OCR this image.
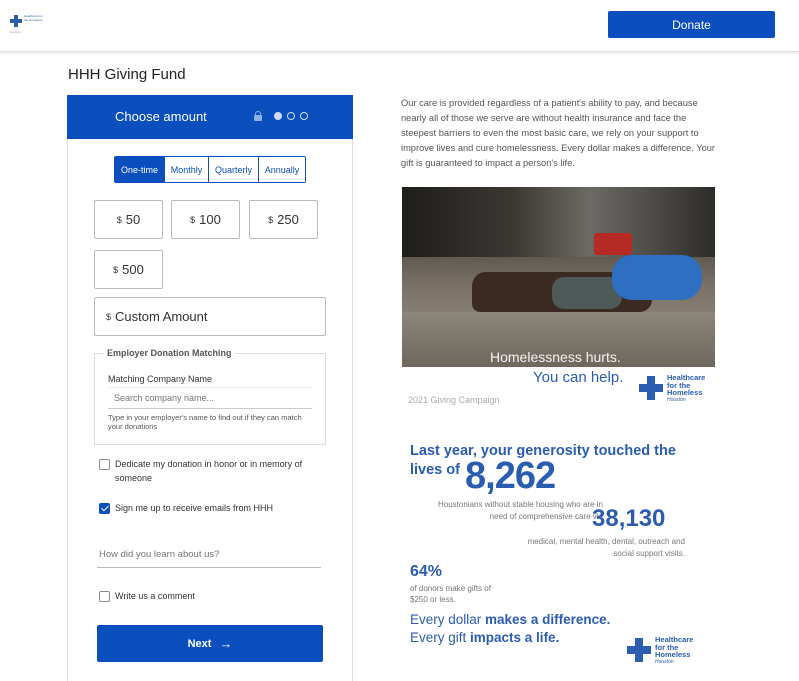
Healthcare for the Homeless
Houston
Donate
HHH Giving Fund
Choose amount
→
One-time	Monthly	Quarterly	Annually
$ 50	$ 100	$ 250
$ 500
$ Custom Amount
Employer Donation Matching
Matching Company Name
Search company name...
Type in your employer's name to find out if they can match your donations
Dedicate my donation in honor or in memory of someone
Sign me up to receive emails from HHH
How did you learn about us?
Write us a comment
Next →
Our care is provided regardless of a patient's ability to pay, and because nearly all of those we serve are without health insurance and face the steepest barriers to even the most basic care, we rely on your support to improve lives and cure homelessness. Every dollar makes a difference. Your gift is guaranteed to impact a person's life.
Homelessness hurts.
You can help.
2021 Giving Campaign
Healthcare for the Homeless
Houston
Last year, your generosity touched the
lives of 8,262
Houstonians without stable housing who are in need of comprehensive care via
38,130
medical, mental health, dental, outreach and social support visits.
64%
of donors make gifts of $250 or less.
Every dollar makes a difference.
Every gift impacts a life.	Healthcare for the Homeless
Houston
